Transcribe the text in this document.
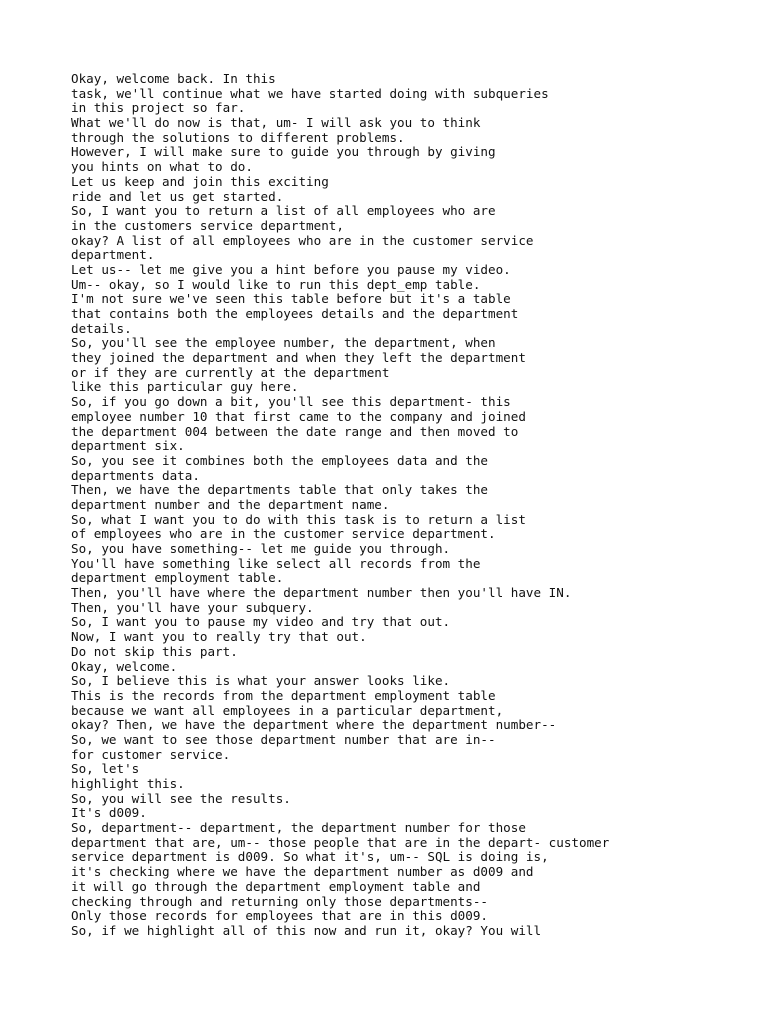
Okay, welcome back. In this
task, we'll continue what we have started doing with subqueries
in this project so far.
What we'll do now is that, um- I will ask you to think
through the solutions to different problems.
However, I will make sure to guide you through by giving
you hints on what to do.
Let us keep and join this exciting
ride and let us get started.
So, I want you to return a list of all employees who are
in the customers service department,
okay? A list of all employees who are in the customer service
department.
Let us-- let me give you a hint before you pause my video.
Um-- okay, so I would like to run this dept_emp table.
I'm not sure we've seen this table before but it's a table
that contains both the employees details and the department
details.
So, you'll see the employee number, the department, when
they joined the department and when they left the department
or if they are currently at the department
like this particular guy here.
So, if you go down a bit, you'll see this department- this
employee number 10 that first came to the company and joined
the department 004 between the date range and then moved to
department six.
So, you see it combines both the employees data and the
departments data.
Then, we have the departments table that only takes the
department number and the department name.
So, what I want you to do with this task is to return a list
of employees who are in the customer service department.
So, you have something-- let me guide you through.
You'll have something like select all records from the
department employment table.
Then, you'll have where the department number then you'll have IN.
Then, you'll have your subquery.
So, I want you to pause my video and try that out.
Now, I want you to really try that out.
Do not skip this part.
Okay, welcome.
So, I believe this is what your answer looks like.
This is the records from the department employment table
because we want all employees in a particular department,
okay? Then, we have the department where the department number--
So, we want to see those department number that are in--
for customer service.
So, let's
highlight this.
So, you will see the results.
It's d009.
So, department-- department, the department number for those
department that are, um-- those people that are in the depart- customer
service department is d009. So what it's, um-- SQL is doing is,
it's checking where we have the department number as d009 and
it will go through the department employment table and
checking through and returning only those departments--
Only those records for employees that are in this d009.
So, if we highlight all of this now and run it, okay? You will
